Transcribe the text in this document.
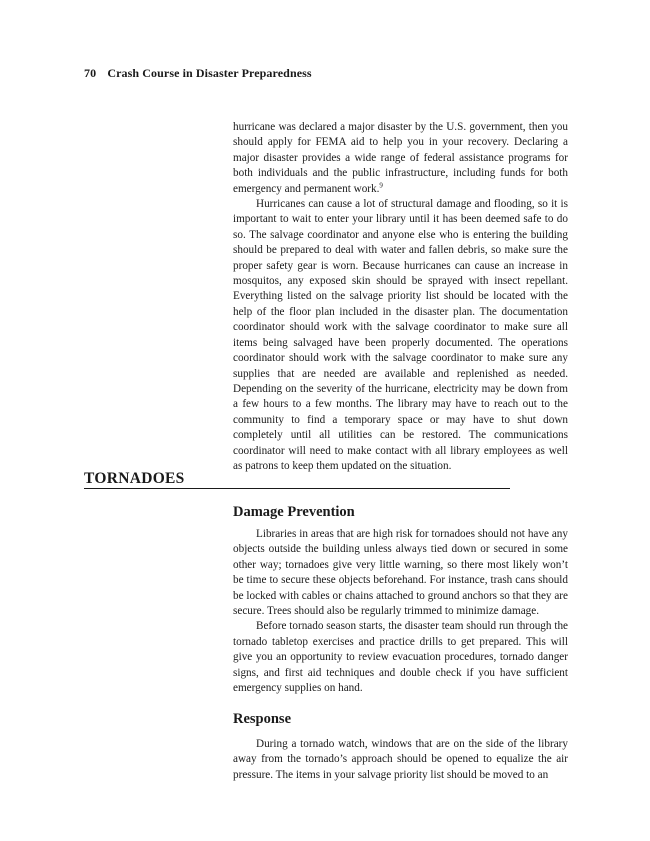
70 Crash Course in Disaster Preparedness

hurricane was declared a major disaster by the U.S. government, then you should apply for FEMA aid to help you in your recovery. Declaring a major disaster provides a wide range of federal assistance programs for both individuals and the public infrastructure, including funds for both emergency and permanent work.$^9$

Hurricanes can cause a lot of structural damage and flooding, so it is important to wait to enter your library until it has been deemed safe to do so. The salvage coordinator and anyone else who is entering the building should be prepared to deal with water and fallen debris, so make sure the proper safety gear is worn. Because hurricanes can cause an increase in mosquitos, any exposed skin should be sprayed with insect repellant. Everything listed on the salvage priority list should be located with the help of the floor plan included in the disaster plan. The documentation coordinator should work with the salvage coordinator to make sure all items being salvaged have been properly documented. The operations coordinator should work with the salvage coordinator to make sure any supplies that are needed are available and replenished as needed. Depending on the severity of the hurricane, electricity may be down from a few hours to a few months. The library may have to reach out to the community to find a temporary space or may have to shut down completely until all utilities can be restored. The communications coordinator will need to make contact with all library employees as well as patrons to keep them updated on the situation.

TORNADOES
Damage Prevention

Libraries in areas that are high risk for tornadoes should not have any objects outside the building unless always tied down or secured in some other way; tornadoes give very little warning, so there most likely won’t be time to secure these objects beforehand. For instance, trash cans should be locked with cables or chains attached to ground anchors so that they are secure. Trees should also be regularly trimmed to minimize damage.

Before tornado season starts, the disaster team should run through the tornado tabletop exercises and practice drills to get prepared. This will give you an opportunity to review evacuation procedures, tornado danger signs, and first aid techniques and double check if you have sufficient emergency supplies on hand.

Response

During a tornado watch, windows that are on the side of the library away from the tornado’s approach should be opened to equalize the air pressure. The items in your salvage priority list should be moved to an
